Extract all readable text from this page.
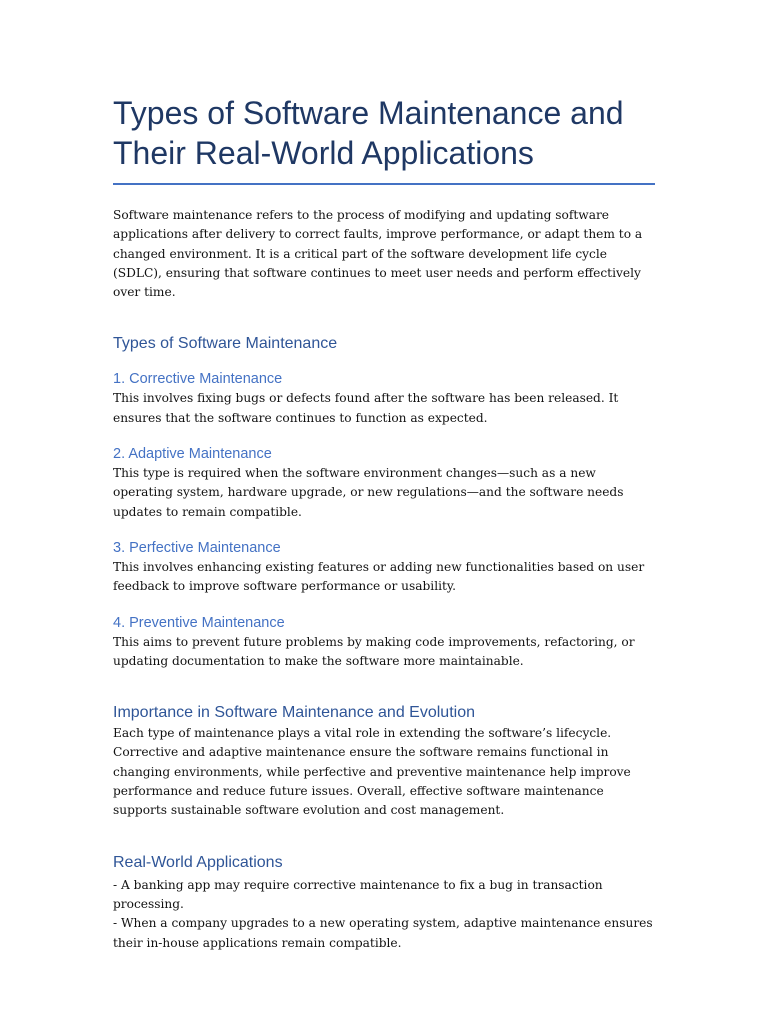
Types of Software Maintenance and
Their Real-World Applications

Software maintenance refers to the process of modifying and updating software applications after delivery to correct faults, improve performance, or adapt them to a changed environment. It is a critical part of the software development life cycle (SDLC), ensuring that software continues to meet user needs and perform effectively over time.

Types of Software Maintenance
1. Corrective Maintenance

This involves fixing bugs or defects found after the software has been released. It ensures that the software continues to function as expected.

2. Adaptive Maintenance

This type is required when the software environment changes—such as a new operating system, hardware upgrade, or new regulations—and the software needs updates to remain compatible.

3. Perfective Maintenance

This involves enhancing existing features or adding new functionalities based on user feedback to improve software performance or usability.

4. Preventive Maintenance

This aims to prevent future problems by making code improvements, refactoring, or updating documentation to make the software more maintainable.

Importance in Software Maintenance and Evolution

Each type of maintenance plays a vital role in extending the software’s lifecycle. Corrective and adaptive maintenance ensure the software remains functional in changing environments, while perfective and preventive maintenance help improve performance and reduce future issues. Overall, effective software maintenance supports sustainable software evolution and cost management.

Real-World Applications

- A banking app may require corrective maintenance to fix a bug in transaction processing.

- When a company upgrades to a new operating system, adaptive maintenance ensures their in-house applications remain compatible.
